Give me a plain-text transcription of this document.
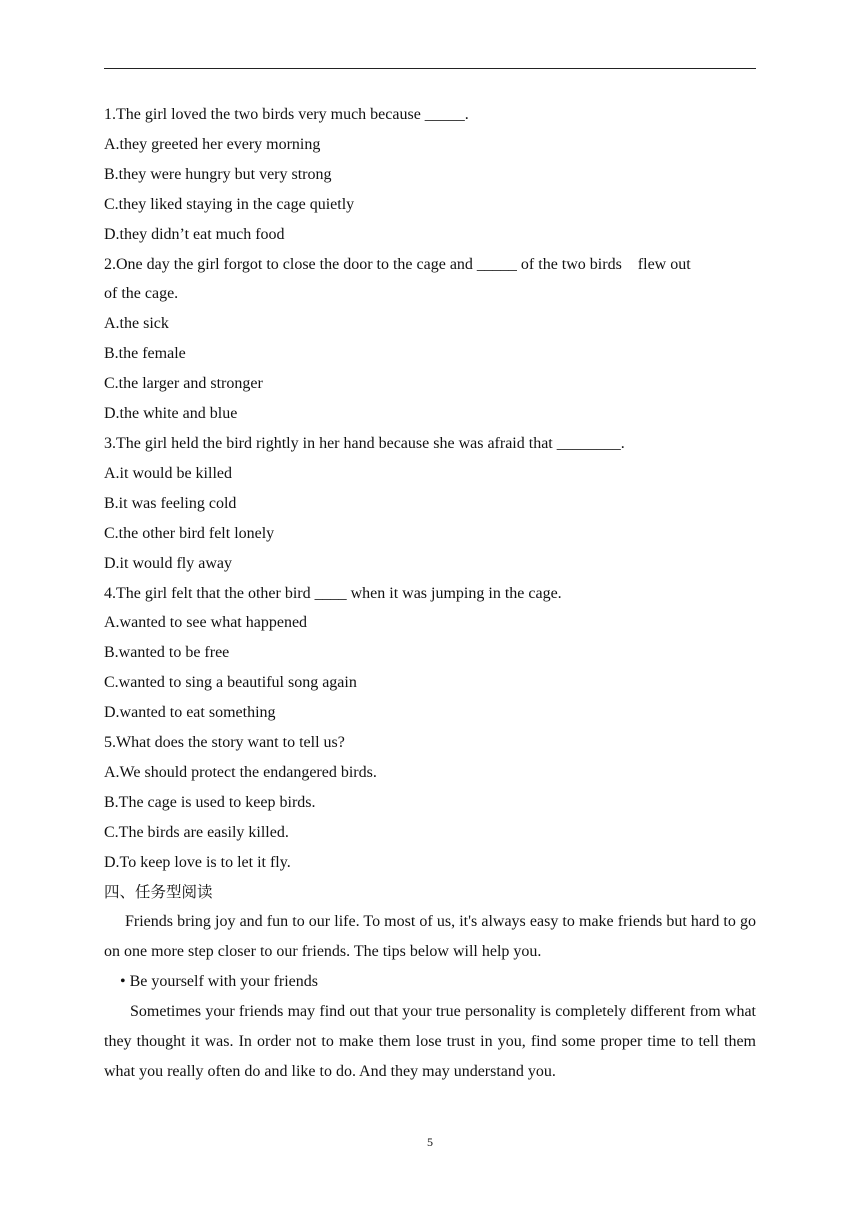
1.The girl loved the two birds very much because _____.
A.they greeted her every morning
B.they were hungry but very strong
C.they liked staying in the cage quietly
D.they didn’t eat much food
2.One day the girl forgot to close the door to the cage and _____ of the two birds    flew out
of the cage.
A.the sick
B.the female
C.the larger and stronger
D.the white and blue
3.The girl held the bird rightly in her hand because she was afraid that ________.
A.it would be killed
B.it was feeling cold
C.the other bird felt lonely
D.it would fly away
4.The girl felt that the other bird ____ when it was jumping in the cage.
A.wanted to see what happened
B.wanted to be free
C.wanted to sing a beautiful song again
D.wanted to eat something
5.What does the story want to tell us?
A.We should protect the endangered birds.
B.The cage is used to keep birds.
C.The birds are easily killed.
D.To keep love is to let it fly.
四、任务型阅读
Friends bring joy and fun to our life. To most of us, it's always easy to make friends but hard to go on one more step closer to our friends. The tips below will help you.
• Be yourself with your friends
Sometimes your friends may find out that your true personality is completely different from what they thought it was. In order not to make them lose trust in you, find some proper time to tell them what you really often do and like to do. And they may understand you.
5
